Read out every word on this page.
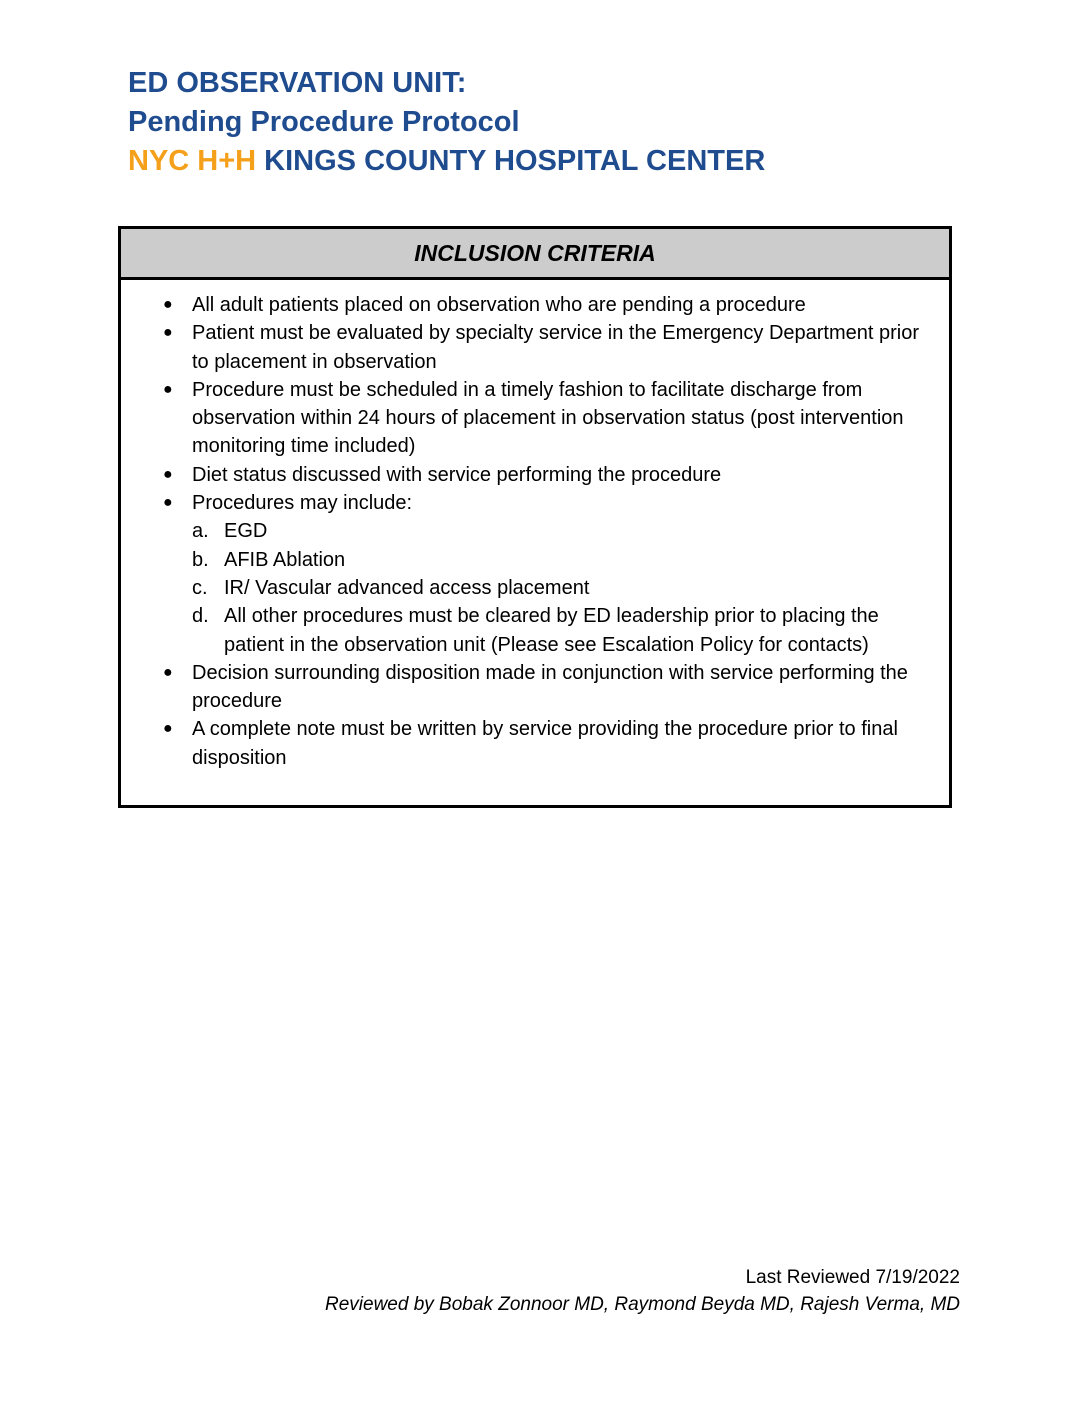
ED OBSERVATION UNIT:
Pending Procedure Protocol
NYC H+H KINGS COUNTY HOSPITAL CENTER
INCLUSION CRITERIA
● All adult patients placed on observation who are pending a procedure
● Patient must be evaluated by specialty service in the Emergency Department prior to placement in observation
● Procedure must be scheduled in a timely fashion to facilitate discharge from observation within 24 hours of placement in observation status (post intervention monitoring time included)
● Diet status discussed with service performing the procedure
● Procedures may include:
a. EGD
b. AFIB Ablation
c. IR/ Vascular advanced access placement
d. All other procedures must be cleared by ED leadership prior to placing the patient in the observation unit (Please see Escalation Policy for contacts)
● Decision surrounding disposition made in conjunction with service performing the procedure
● A complete note must be written by service providing the procedure prior to final disposition
Last Reviewed 7/19/2022
Reviewed by Bobak Zonnoor MD, Raymond Beyda MD, Rajesh Verma, MD
